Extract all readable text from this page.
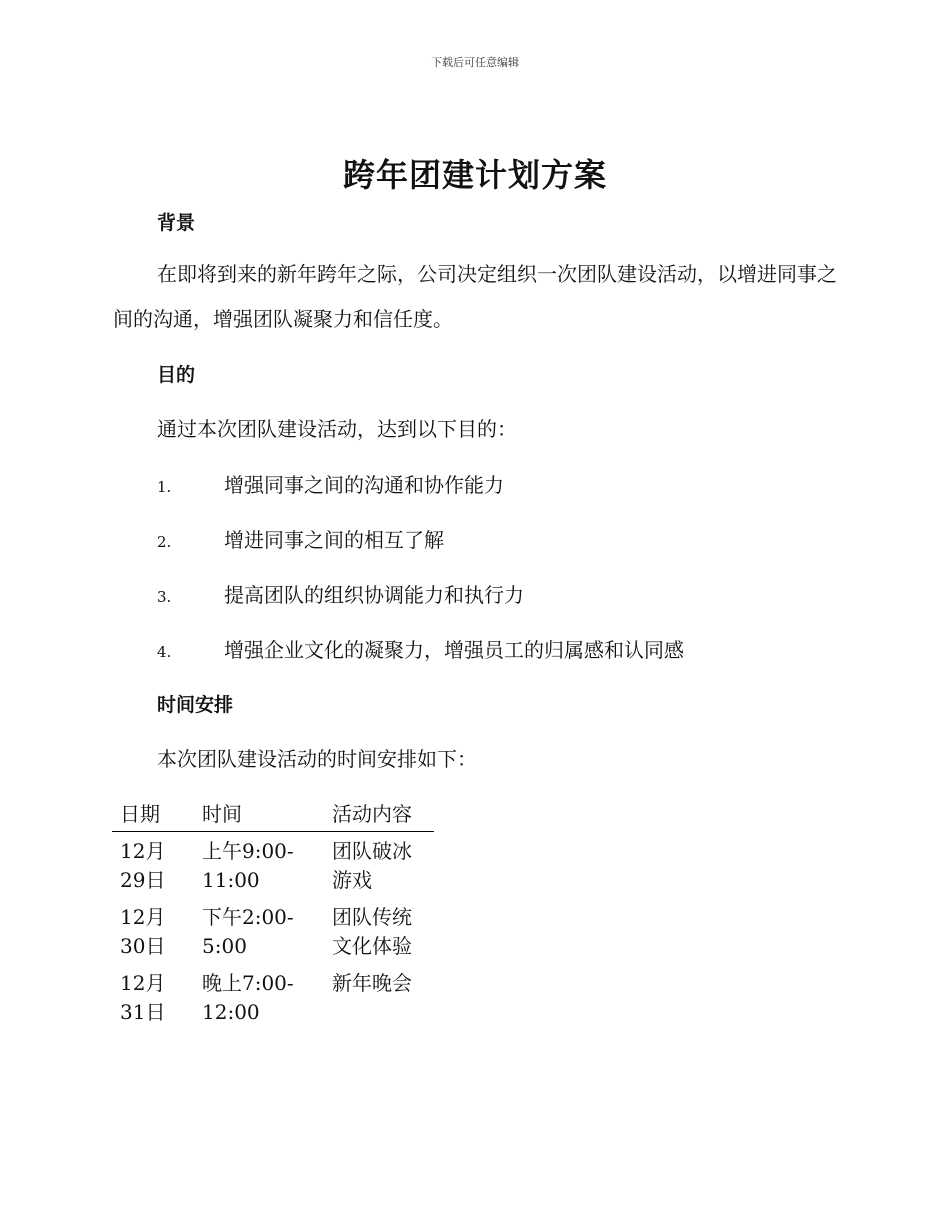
下载后可任意编辑
跨年团建计划方案
背景
在即将到来的新年跨年之际，公司决定组织一次团队建设活动，以增进同事之间的沟通，增强团队凝聚力和信任度。
目的
通过本次团队建设活动，达到以下目的：
1.	增强同事之间的沟通和协作能力
2.	增进同事之间的相互了解
3.	提高团队的组织协调能力和执行力
4.	增强企业文化的凝聚力，增强员工的归属感和认同感
时间安排
本次团队建设活动的时间安排如下：
日期	时间	活动内容
12月29日	上午9:00-11:00	团队破冰游戏
12月30日	下午2:00-5:00	团队传统文化体验
12月31日	晚上7:00-12:00	新年晚会
